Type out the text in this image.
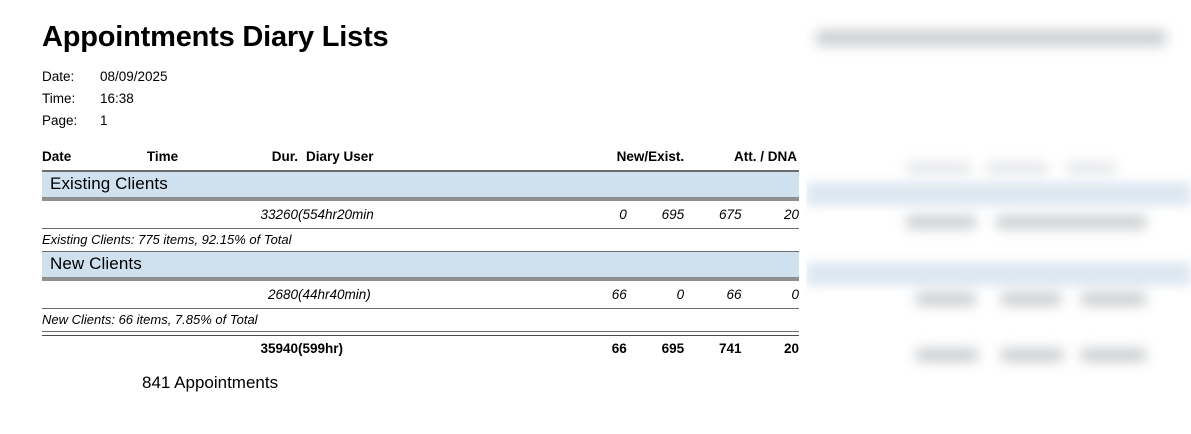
Appointments Diary Lists
Date:	08/09/2025
Time:	16:38
Page:	1
Date	Time	Dur.	Diary User	New/Exist.		Att. / DNA	

Existing Clients							

		33260	(554hr20min	0	695	675	20
Existing Clients: 775 items, 92.15% of Total							
New Clients							

		2680	(44hr40min)	66	0	66	0
New Clients: 66 items, 7.85% of Total							

		35940	(599hr)	66	695	741	20
841 Appointments
